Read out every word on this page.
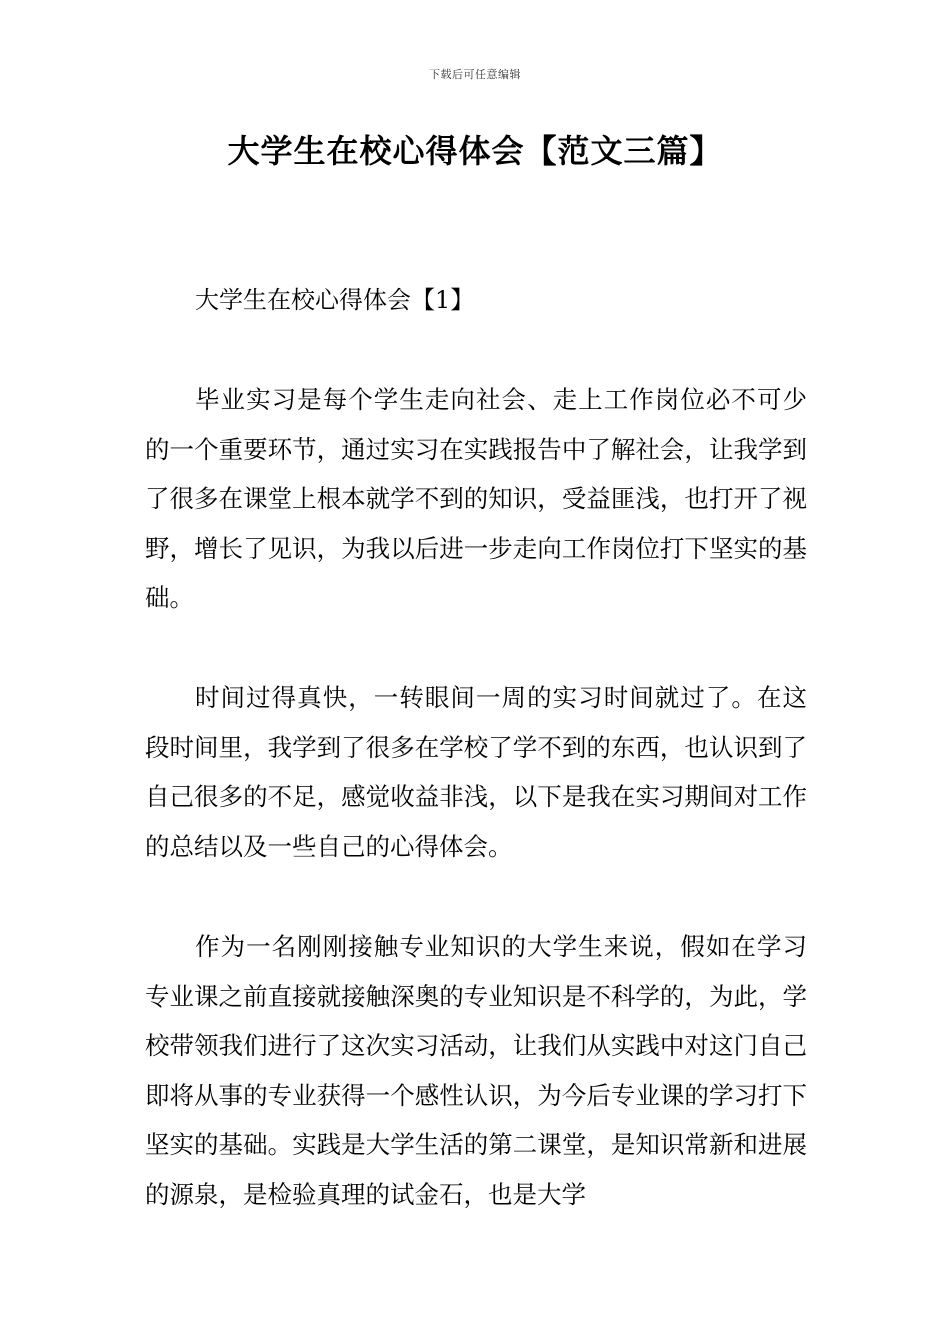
下载后可任意编辑
大学生在校心得体会【范文三篇】
大学生在校心得体会【1】

毕业实习是每个学生走向社会、走上工作岗位必不可少的一个重要环节，通过实习在实践报告中了解社会，让我学到了很多在课堂上根本就学不到的知识，受益匪浅，也打开了视野，增长了见识，为我以后进一步走向工作岗位打下坚实的基础。

时间过得真快，一转眼间一周的实习时间就过了。在这段时间里，我学到了很多在学校了学不到的东西，也认识到了自己很多的不足，感觉收益非浅，以下是我在实习期间对工作的总结以及一些自己的心得体会。

作为一名刚刚接触专业知识的大学生来说，假如在学习专业课之前直接就接触深奥的专业知识是不科学的，为此，学校带领我们进行了这次实习活动，让我们从实践中对这门自己即将从事的专业获得一个感性认识，为今后专业课的学习打下坚实的基础。实践是大学生活的第二课堂，是知识常新和进展的源泉，是检验真理的试金石，也是大学
